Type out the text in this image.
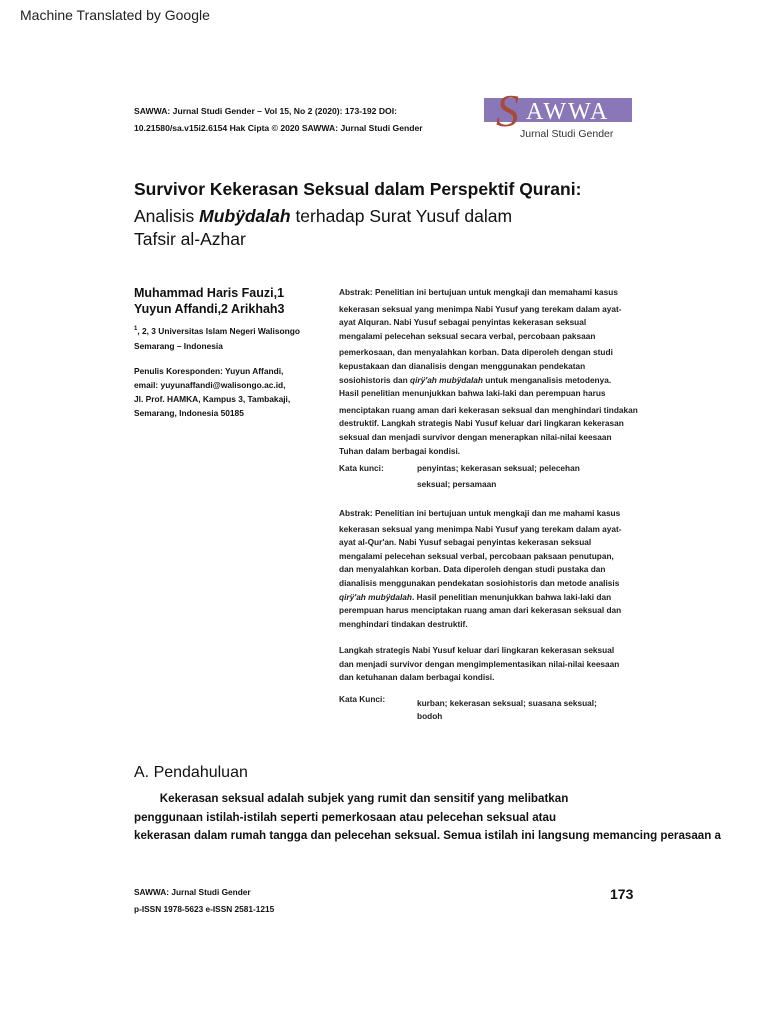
Machine Translated by Google
SAWWA: Jurnal Studi Gender – Vol 15, No 2 (2020): 173-192 DOI:
10.21580/sa.v15i2.6154 Hak Cipta © 2020 SAWWA: Jurnal Studi Gender	S AWWA
Jurnal Studi Gender
Survivor Kekerasan Seksual dalam Perspektif Qurani:
Analisis Mubÿdalah terhadap Surat Yusuf dalam
Tafsir al-Azhar
Muhammad Haris Fauzi,1
Yuyun Affandi,2 Arikhah3
$^1$, 2, 3 Universitas Islam Negeri Walisongo
Semarang – Indonesia
Penulis Koresponden: Yuyun Affandi,
email: yuyunaffandi@walisongo.ac.id,
Jl. Prof. HAMKA, Kampus 3, Tambakaji,
Semarang, Indonesia 50185
Abstrak: Penelitian ini bertujuan untuk mengkaji dan memahami kasus
kekerasan seksual yang menimpa Nabi Yusuf yang terekam dalam ayat-
ayat Alquran. Nabi Yusuf sebagai penyintas kekerasan seksual
mengalami pelecehan seksual secara verbal, percobaan paksaan
pemerkosaan, dan menyalahkan korban. Data diperoleh dengan studi
kepustakaan dan dianalisis dengan menggunakan pendekatan
sosiohistoris dan qirÿ'ah mubÿdalah untuk menganalisis metodenya.
Hasil penelitian menunjukkan bahwa laki-laki dan perempuan harus
menciptakan ruang aman dari kekerasan seksual dan menghindari tindakan
destruktif. Langkah strategis Nabi Yusuf keluar dari lingkaran kekerasan
seksual dan menjadi survivor dengan menerapkan nilai-nilai keesaan
Tuhan dalam berbagai kondisi.
Kata kunci:	penyintas; kekerasan seksual; pelecehan
seksual; persamaan
Abstrak: Penelitian ini bertujuan untuk mengkaji dan me mahami kasus
kekerasan seksual yang menimpa Nabi Yusuf yang terekam dalam ayat-
ayat al-Qur'an. Nabi Yusuf sebagai penyintas kekerasan seksual
mengalami pelecehan seksual verbal, percobaan paksaan penutupan,
dan menyalahkan korban. Data diperoleh dengan studi pustaka dan
dianalisis menggunakan pendekatan sosiohistoris dan metode analisis
qirÿ'ah mubÿdalah. Hasil penelitian menunjukkan bahwa laki-laki dan
perempuan harus menciptakan ruang aman dari kekerasan seksual dan
menghindari tindakan destruktif.
Langkah strategis Nabi Yusuf keluar dari lingkaran kekerasan seksual
dan menjadi survivor dengan mengimplementasikan nilai-nilai keesaan
dan ketuhanan dalam berbagai kondisi.
Kata Kunci:	kurban; kekerasan seksual; suasana seksual;
bodoh
A. Pendahuluan
Kekerasan seksual adalah subjek yang rumit dan sensitif yang melibatkan
penggunaan istilah-istilah seperti pemerkosaan atau pelecehan seksual atau
kekerasan dalam rumah tangga dan pelecehan seksual. Semua istilah ini langsung memancing perasaan a
SAWWA: Jurnal Studi Gender
p-ISSN 1978-5623 e-ISSN 2581-1215
173
